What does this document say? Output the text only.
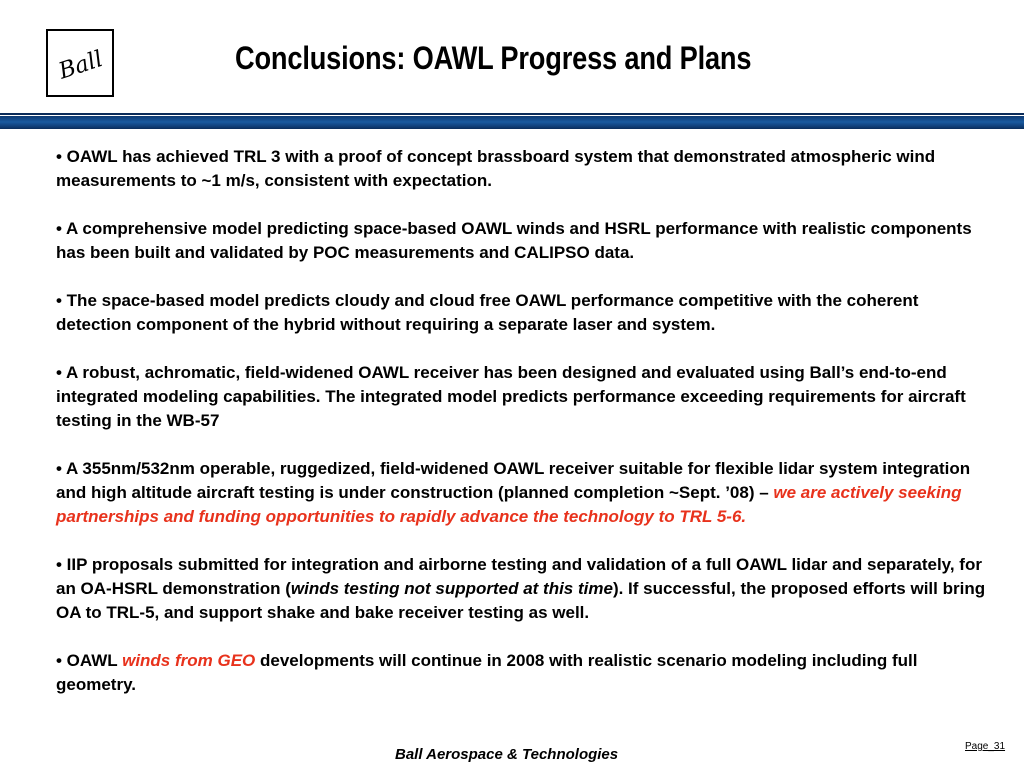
Ball	Conclusions: OAWL Progress and Plans

• OAWL has achieved TRL 3 with a proof of concept brassboard system that demonstrated atmospheric wind measurements to ~1 m/s, consistent with expectation.

• A comprehensive model predicting space-based OAWL winds and HSRL performance with realistic components has been built and validated by POC measurements and CALIPSO data.

• The space-based model predicts cloudy and cloud free OAWL performance competitive with the coherent detection component of the hybrid without requiring a separate laser and system.

• A robust, achromatic, field-widened OAWL receiver has been designed and evaluated using Ball’s end-to-end integrated modeling capabilities. The integrated model predicts performance exceeding requirements for aircraft testing in the WB-57

• A 355nm/532nm operable, ruggedized, field-widened OAWL receiver suitable for flexible lidar system integration and high altitude aircraft testing is under construction (planned completion ~Sept. ’08) – we are actively seeking partnerships and funding opportunities to rapidly advance the technology to TRL 5-6.

• IIP proposals submitted for integration and airborne testing and validation of a full OAWL lidar and separately, for an OA-HSRL demonstration (winds testing not supported at this time). If successful, the proposed efforts will bring OA to TRL-5, and support shake and bake receiver testing as well.

• OAWL winds from GEO developments will continue in 2008 with realistic scenario modeling including full geometry.

Ball Aerospace & Technologies	Page_31
